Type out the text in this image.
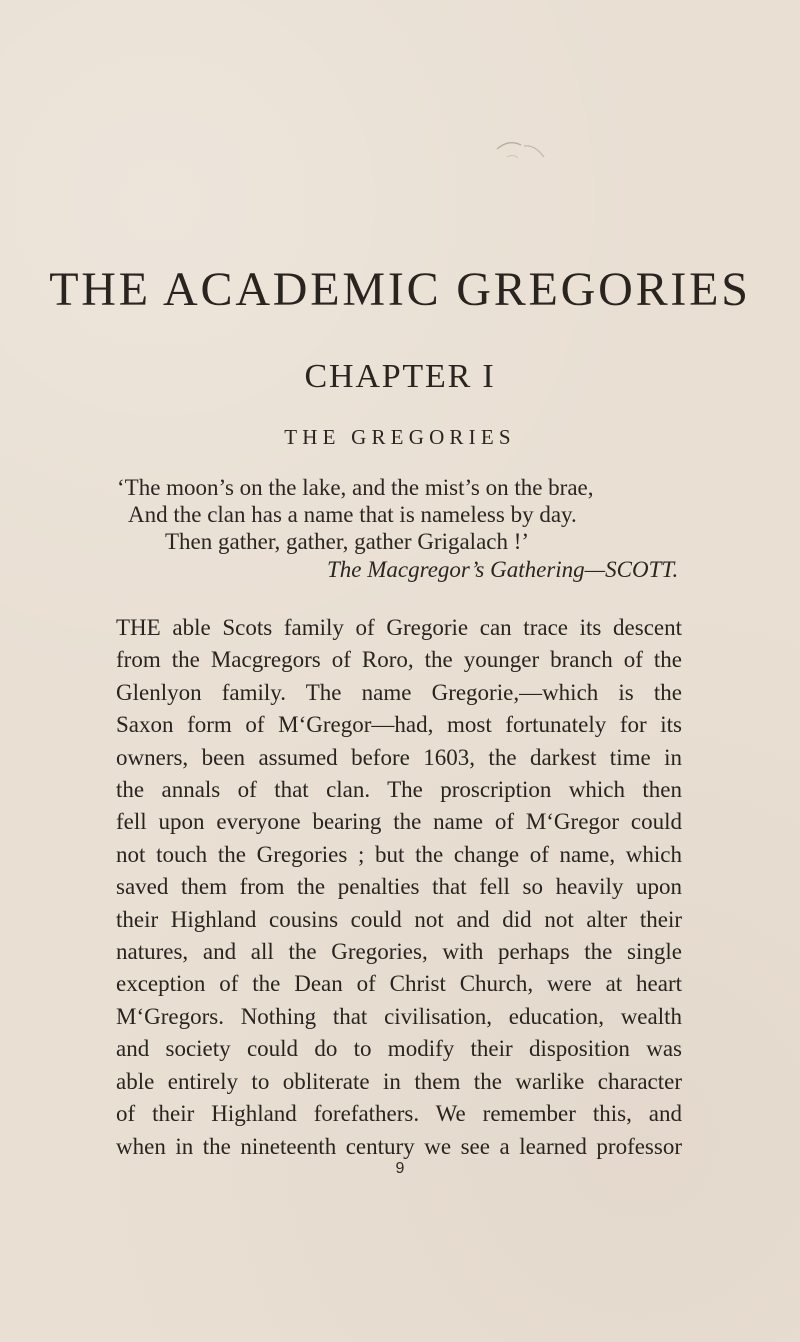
THE ACADEMIC GREGORIES
CHAPTER I
THE GREGORIES
‘The moon’s on the lake, and the mist’s on the brae,
And the clan has a name that is nameless by day.
Then gather, gather, gather Grigalach !’
The Macgregor’s Gathering—SCOTT.
THE able Scots family of Gregorie can trace its descent
from the Macgregors of Roro, the younger branch of the
Glenlyon family. The name Gregorie,—which is the
Saxon form of M‘Gregor—had, most fortunately for its
owners, been assumed before 1603, the darkest time in
the annals of that clan. The proscription which then
fell upon everyone bearing the name of M‘Gregor could
not touch the Gregories ; but the change of name, which
saved them from the penalties that fell so heavily upon
their Highland cousins could not and did not alter their
natures, and all the Gregories, with perhaps the single
exception of the Dean of Christ Church, were at heart
M‘Gregors. Nothing that civilisation, education, wealth
and society could do to modify their disposition was
able entirely to obliterate in them the warlike character
of their Highland forefathers. We remember this, and
when in the nineteenth century we see a learned professor
9
